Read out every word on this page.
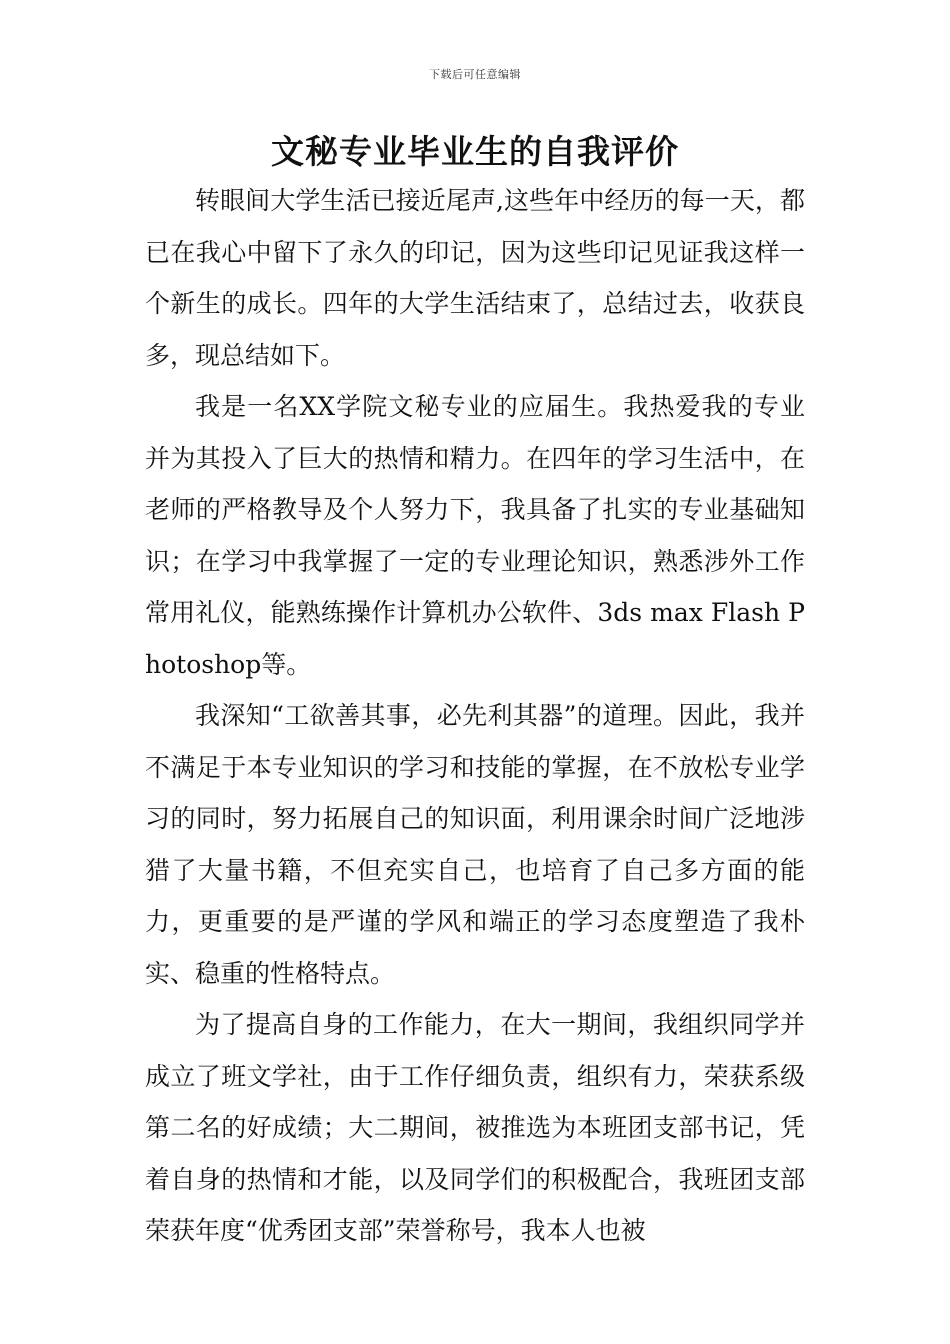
下载后可任意编辑
文秘专业毕业生的自我评价

转眼间大学生活已接近尾声,这些年中经历的每一天，都已在我心中留下了永久的印记，因为这些印记见证我这样一个新生的成长。四年的大学生活结束了，总结过去，收获良多，现总结如下。

我是一名XX学院文秘专业的应届生。我热爱我的专业并为其投入了巨大的热情和精力。在四年的学习生活中，在老师的严格教导及个人努力下，我具备了扎实的专业基础知识；在学习中我掌握了一定的专业理论知识，熟悉涉外工作常用礼仪，能熟练操作计算机办公软件、3ds max Flash Photoshop等。

我深知“工欲善其事，必先利其器”的道理。因此，我并不满足于本专业知识的学习和技能的掌握，在不放松专业学习的同时，努力拓展自己的知识面，利用课余时间广泛地涉猎了大量书籍，不但充实自己，也培育了自己多方面的能力，更重要的是严谨的学风和端正的学习态度塑造了我朴实、稳重的性格特点。

为了提高自身的工作能力，在大一期间，我组织同学并成立了班文学社，由于工作仔细负责，组织有力，荣获系级第二名的好成绩；大二期间，被推选为本班团支部书记，凭着自身的热情和才能，以及同学们的积极配合，我班团支部荣获年度“优秀团支部”荣誉称号，我本人也被
